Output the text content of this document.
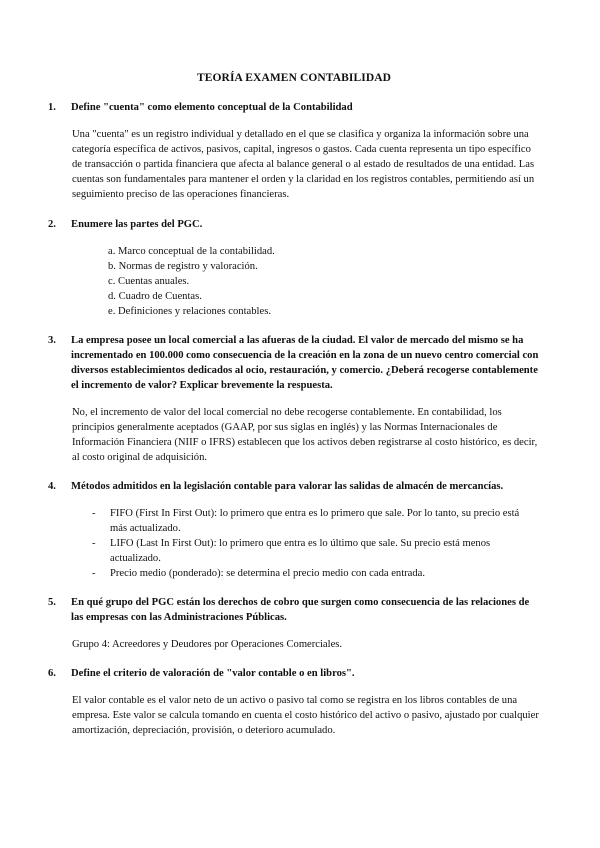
TEORÍA EXAMEN CONTABILIDAD
1.	Define "cuenta" como elemento conceptual de la Contabilidad

Una "cuenta" es un registro individual y detallado en el que se clasifica y organiza la información sobre una categoría específica de activos, pasivos, capital, ingresos o gastos. Cada cuenta representa un tipo específico de transacción o partida financiera que afecta al balance general o al estado de resultados de una entidad. Las cuentas son fundamentales para mantener el orden y la claridad en los registros contables, permitiendo así un seguimiento preciso de las operaciones financieras.

2.	Enumere las partes del PGC.
a. Marco conceptual de la contabilidad.
b. Normas de registro y valoración.
c. Cuentas anuales.
d. Cuadro de Cuentas.
e. Definiciones y relaciones contables.
3.	La empresa posee un local comercial a las afueras de la ciudad. El valor de mercado del mismo se ha incrementado en 100.000 como consecuencia de la creación en la zona de un nuevo centro comercial con diversos establecimientos dedicados al ocio, restauración, y comercio. ¿Deberá recogerse contablemente el incremento de valor? Explicar brevemente la respuesta.

No, el incremento de valor del local comercial no debe recogerse contablemente. En contabilidad, los principios generalmente aceptados (GAAP, por sus siglas en inglés) y las Normas Internacionales de Información Financiera (NIIF o IFRS) establecen que los activos deben registrarse al costo histórico, es decir, al costo original de adquisición.

4.	Métodos admitidos en la legislación contable para valorar las salidas de almacén de mercancías.
-	FIFO (First In First Out): lo primero que entra es lo primero que sale. Por lo tanto, su precio está más actualizado.
-	LIFO (Last In First Out): lo primero que entra es lo último que sale. Su precio está menos actualizado.
-	Precio medio (ponderado): se determina el precio medio con cada entrada.
5.	En qué grupo del PGC están los derechos de cobro que surgen como consecuencia de las relaciones de las empresas con las Administraciones Públicas.

Grupo 4: Acreedores y Deudores por Operaciones Comerciales.

6.	Define el criterio de valoración de "valor contable o en libros".

El valor contable es el valor neto de un activo o pasivo tal como se registra en los libros contables de una empresa. Este valor se calcula tomando en cuenta el costo histórico del activo o pasivo, ajustado por cualquier amortización, depreciación, provisión, o deterioro acumulado.
